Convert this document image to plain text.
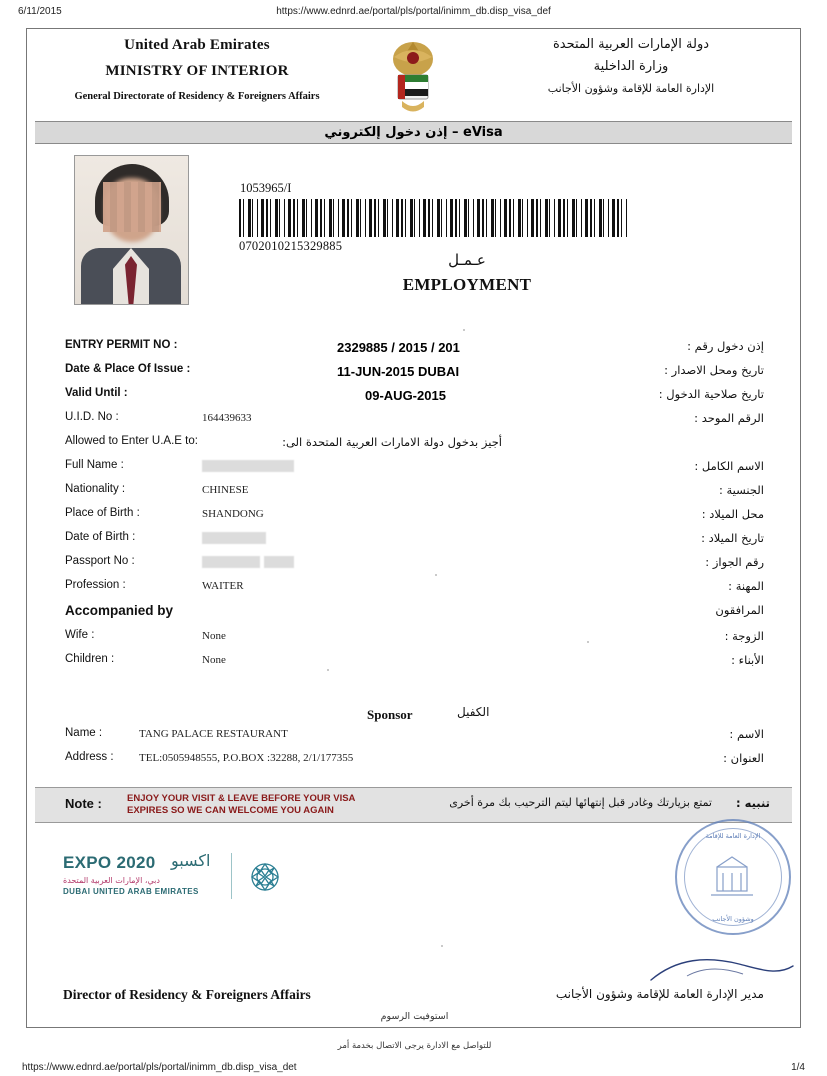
6/11/2015	https://www.ednrd.ae/portal/pls/portal/inimm_db.disp_visa_def
United Arab Emirates
MINISTRY OF INTERIOR
General Directorate of Residency & Foreigners Affairs
دولة الإمارات العربية المتحدة
وزارة الداخلية
الإدارة العامة للإقامة وشؤون الأجانب
إذن دخول إلكتروني – eVisa
1053965/I
0702010215329885
عـمـل
EMPLOYMENT
ENTRY PERMIT NO :	2329885 / 2015 / 201	إذن دخول رقم :
Date & Place Of Issue :	11-JUN-2015 DUBAI	تاريخ ومحل الاصدار :
Valid Until :	09-AUG-2015	تاريخ صلاحية الدخول :
U.I.D. No :	164439633	الرقم الموحد :
Allowed to Enter U.A.E to:	أجيز بدخول دولة الامارات العربية المتحدة الى:
Full Name :	الاسم الكامل :
Nationality :	CHINESE	الجنسية :
Place of Birth :	SHANDONG	محل الميلاد :
Date of Birth :	تاريخ الميلاد :
Passport No :	رقم الجواز :
Profession :	WAITER	المهنة :
Accompanied by	المرافقون
Wife :	None	الزوجة :
Children :	None	الأبناء :
Sponsor	الكفيل
Name :	TANG PALACE RESTAURANT	الاسم :
Address : TEL:0505948555, P.O.BOX :32288, 2/1/177355	العنوان :
Note :	ENJOY YOUR VISIT & LEAVE BEFORE YOUR VISA
EXPIRES SO WE CAN WELCOME YOU AGAIN
تمتع بزيارتك وغادر قبل إنتهائها ليتم الترحيب بك مرة أخرى تنبيه :
اكسبو
EXPO 2020
دبي، الإمارات العربية المتحدة
DUBAI UNITED ARAB EMIRATES
الإدارة العامة للإقامة
وشؤون الأجانب
Director of Residency & Foreigners Affairs	مدير الإدارة العامة للإقامة وشؤون الأجانب
استوفيت الرسوم
للتواصل مع الادارة يرجى الاتصال بخدمة أمر
https://www.ednrd.ae/portal/pls/portal/inimm_db.disp_visa_det	1/4
